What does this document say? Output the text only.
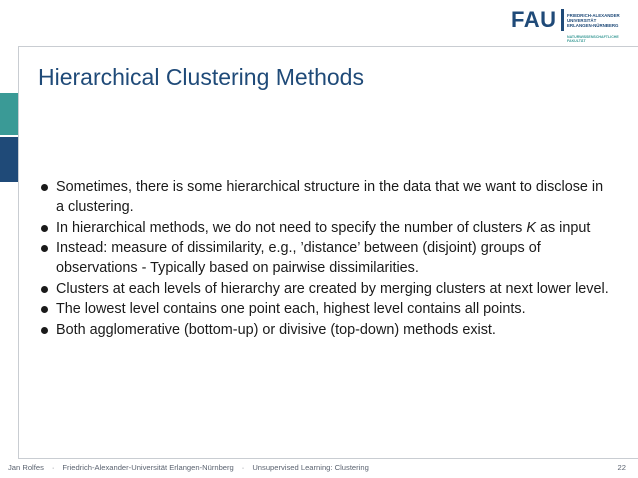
FAU FRIEDRICH-ALEXANDER
UNIVERSITÄT
ERLANGEN-NÜRNBERG
NATURWISSENSCHAFTLICHE
FAKULTÄT
Hierarchical Clustering Methods
Sometimes, there is some hierarchical structure in the data that we want to disclose in a clustering.
In hierarchical methods, we do not need to specify the number of clusters K as input
Instead: measure of dissimilarity, e.g., ’distance’ between (disjoint) groups of observations - Typically based on pairwise dissimilarities.
Clusters at each levels of hierarchy are created by merging clusters at next lower level.
The lowest level contains one point each, highest level contains all points.
Both agglomerative (bottom-up) or divisive (top-down) methods exist.
Jan Rolfes · Friedrich-Alexander-Universität Erlangen-Nürnberg · Unsupervised Learning: Clustering	22
